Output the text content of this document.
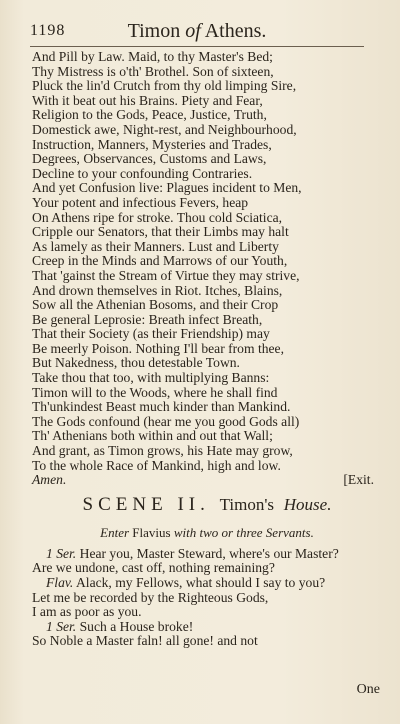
1198	Timon of Athens.
And Pill by Law. Maid, to thy Master's Bed;
Thy Mistress is o'th' Brothel. Son of sixteen,
Pluck the lin'd Crutch from thy old limping Sire,
With it beat out his Brains. Piety and Fear,
Religion to the Gods, Peace, Justice, Truth,
Domestick awe, Night-rest, and Neighbourhood,
Instruction, Manners, Mysteries and Trades,
Degrees, Observances, Customs and Laws,
Decline to your confounding Contraries.
And yet Confusion live: Plagues incident to Men,
Your potent and infectious Fevers, heap
On Athens ripe for stroke. Thou cold Sciatica,
Cripple our Senators, that their Limbs may halt
As lamely as their Manners. Lust and Liberty
Creep in the Minds and Marrows of our Youth,
That 'gainst the Stream of Virtue they may strive,
And drown themselves in Riot. Itches, Blains,
Sow all the Athenian Bosoms, and their Crop
Be general Leprosie: Breath infect Breath,
That their Society (as their Friendship) may
Be meerly Poison. Nothing I'll bear from thee,
But Nakedness, thou detestable Town.
Take thou that too, with multiplying Banns:
Timon will to the Woods, where he shall find
Th'unkindest Beast much kinder than Mankind.
The Gods confound (hear me you good Gods all)
Th' Athenians both within and out that Wall;
And grant, as Timon grows, his Hate may grow,
To the whole Race of Mankind, high and low.
Amen.	[Exit.
SCENE II. Timon's House.
Enter Flavius with two or three Servants.
1 Ser. Hear you, Master Steward, where's our Master?
Are we undone, cast off, nothing remaining?
Flav. Alack, my Fellows, what should I say to you?
Let me be recorded by the Righteous Gods,
I am as poor as you.
1 Ser. Such a House broke!
So Noble a Master faln! all gone! and not
One
